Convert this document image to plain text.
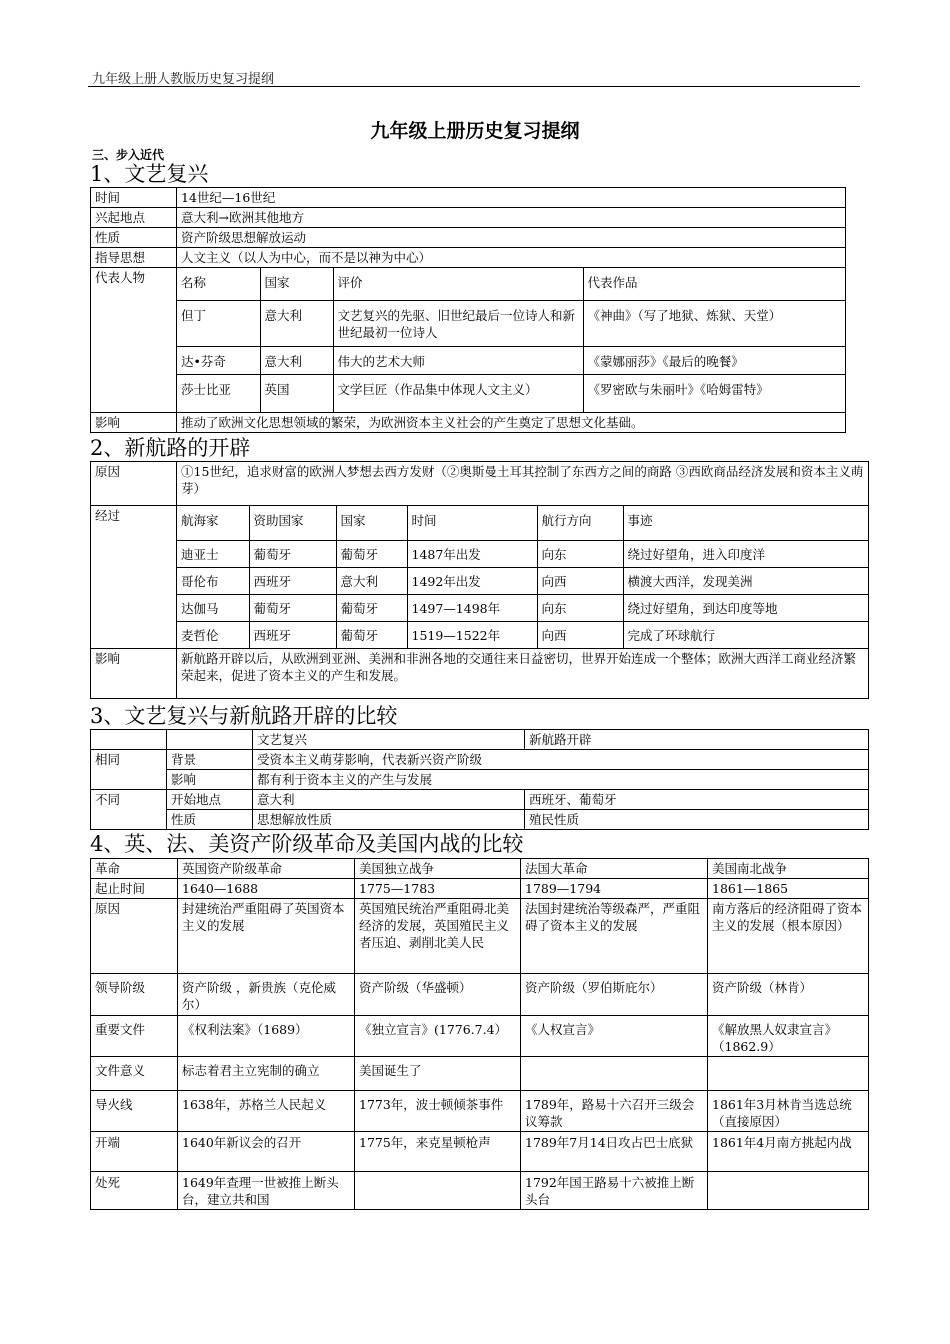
九年级上册人教版历史复习提纲
九年级上册历史复习提纲
三、步入近代
1、文艺复兴
时间	14世纪—16世纪
兴起地点	意大利→欧洲其他地方
性质	资产阶级思想解放运动
指导思想	人文主义（以人为中心，而不是以神为中心）
代表人物		名称	国家	评价	代表作品
但丁	意大利	文艺复兴的先驱、旧世纪最后一位诗人和新世纪最初一位诗人	《神曲》（写了地狱、炼狱、天堂）
达•芬奇	意大利	伟大的艺术大师	《蒙娜丽莎》《最后的晚餐》
莎士比亚	英国	文学巨匠（作品集中体现人文主义）	《罗密欧与朱丽叶》《哈姆雷特》

影响	推动了欧洲文化思想领域的繁荣，为欧洲资本主义社会的产生奠定了思想文化基础。
2、新航路的开辟
原因	①15世纪，追求财富的欧洲人梦想去西方发财（②奥斯曼土耳其控制了东西方之间的商路 ③西欧商品经济发展和资本主义萌芽）
经过		航海家	资助国家	国家	时间	航行方向	事迹
迪亚士	葡萄牙	葡萄牙	1487年出发	向东	绕过好望角，进入印度洋
哥伦布	西班牙	意大利	1492年出发	向西	横渡大西洋，发现美洲
达伽马	葡萄牙	葡萄牙	1497—1498年	向东	绕过好望角，到达印度等地
麦哲伦	西班牙	葡萄牙	1519—1522年	向西	完成了环球航行

影响	新航路开辟以后，从欧洲到亚洲、美洲和非洲各地的交通往来日益密切，世界开始连成一个整体；欧洲大西洋工商业经济繁荣起来，促进了资本主义的产生和发展。
3、文艺复兴与新航路开辟的比较
		文艺复兴	新航路开辟
相同	背景	受资本主义萌芽影响，代表新兴资产阶级	
	影响	都有利于资本主义的产生与发展	
不同	开始地点	意大利	西班牙、葡萄牙
	性质	思想解放性质	殖民性质
4、英、法、美资产阶级革命及美国内战的比较
革命	英国资产阶级革命	美国独立战争	法国大革命	美国南北战争
起止时间	1640—1688	1775—1783	1789—1794	1861—1865
原因	封建统治严重阻碍了英国资本主义的发展	英国殖民统治严重阻碍北美经济的发展，英国殖民主义者压迫、剥削北美人民	法国封建统治等级森严，严重阻碍了资本主义的发展	南方落后的经济阻碍了资本主义的发展（根本原因）
领导阶级	资产阶级 ，新贵族（克伦威尔）	资产阶级（华盛顿）	资产阶级（罗伯斯庇尔）	资产阶级（林肯）
重要文件	《权利法案》（1689）	《独立宣言》(1776.7.4）	《人权宣言》	《解放黑人奴隶宣言》（1862.9）
文件意义	标志着君主立宪制的确立	美国诞生了		
导火线	1638年，苏格兰人民起义	1773年，波士顿倾茶事件	1789年，路易十六召开三级会议筹款	1861年3月林肯当选总统（直接原因）
开端	1640年新议会的召开	1775年，来克星顿枪声	1789年7月14日攻占巴士底狱	1861年4月南方挑起内战
处死	1649年查理一世被推上断头台，建立共和国		1792年国王路易十六被推上断头台	
